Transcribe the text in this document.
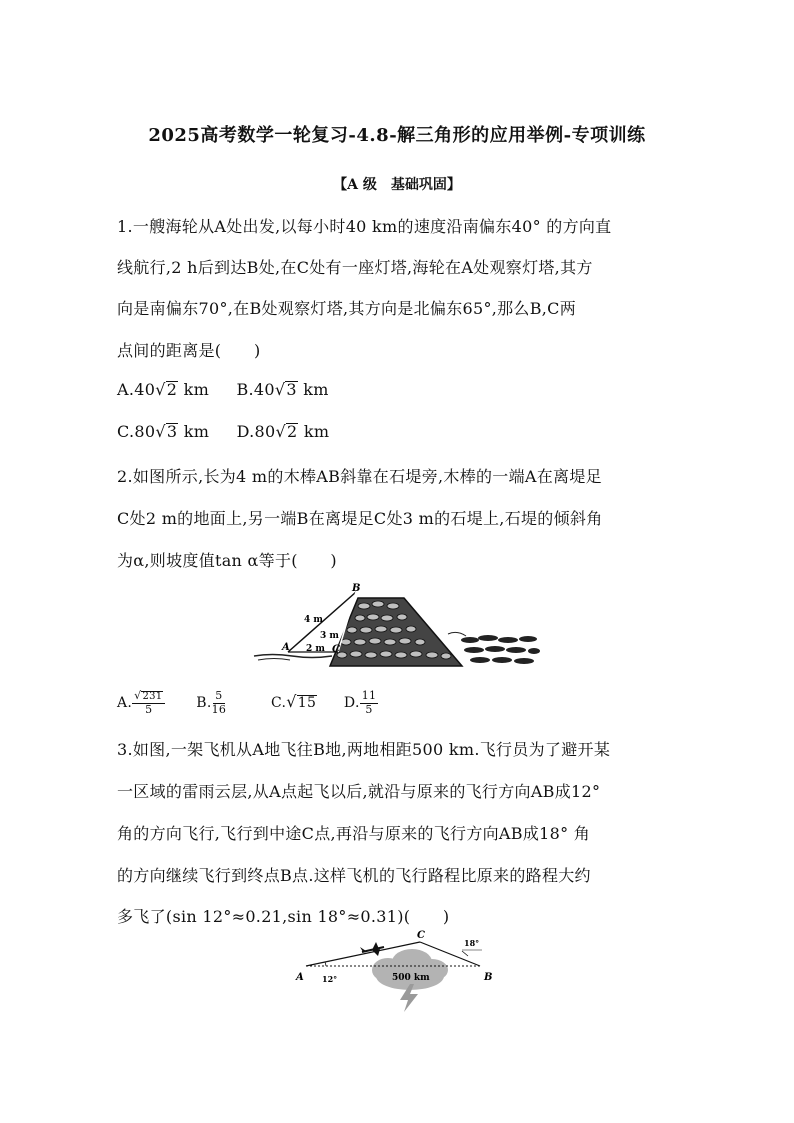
2025高考数学一轮复习-4.8-解三角形的应用举例-专项训练
【A 级　基础巩固】
1.一艘海轮从A处出发,以每小时40 km的速度沿南偏东40° 的方向直
线航行,2 h后到达B处,在C处有一座灯塔,海轮在A处观察灯塔,其方
向是南偏东70°,在B处观察灯塔,其方向是北偏东65°,那么B,C两
点间的距离是(　　)
A.40√2 km B.40√3 km
C.80√3 km D.80√2 km
2.如图所示,长为4 m的木棒AB斜靠在石堤旁,木棒的一端A在离堤足
C处2 m的地面上,另一端B在离堤足C处3 m的石堤上,石堤的倾斜角
为α,则坡度值tan α等于(　　)
B
A	C
4 m
3 m
2 m
A. $\frac{√231}{5} B$. $\frac{5}{16}$	C.√15 D. $\frac{11}{5}$
3.如图,一架飞机从A地飞往B地,两地相距500 km.飞行员为了避开某
一区域的雷雨云层,从A点起飞以后,就沿与原来的飞行方向AB成12°
角的方向飞行,飞行到中途C点,再沿与原来的飞行方向AB成18° 角
的方向继续飞行到终点B点.这样飞机的飞行路程比原来的路程大约
多飞了(sin 12°≈0.21,sin 18°≈0.31)(　　)
C
A	B
12°
18°
500 km
